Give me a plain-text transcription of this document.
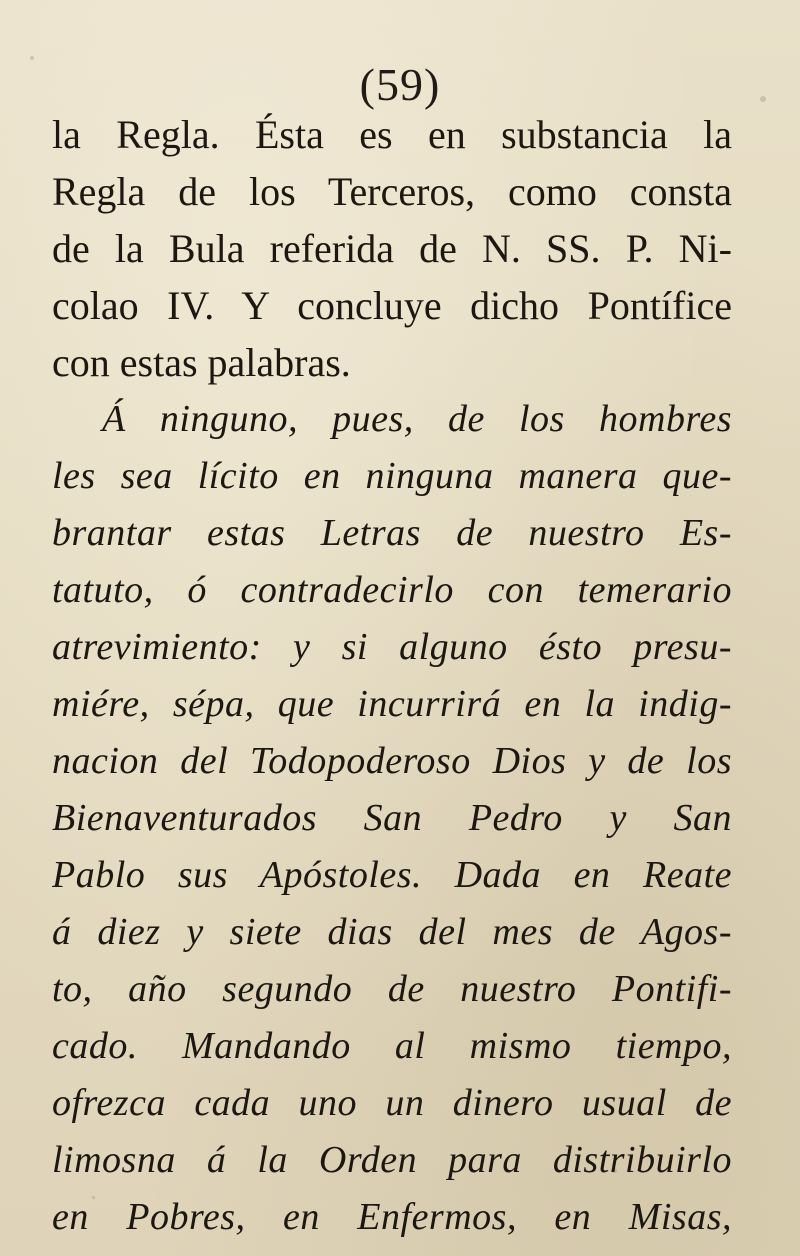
(59)
la Regla. Ésta es en substancia la
Regla de los Terceros, como consta
de la Bula referida de N. SS. P. Ni-
colao IV. Y concluye dicho Pontífice
con estas palabras.
Á ninguno, pues, de los hombres
les sea lícito en ninguna manera que-
brantar estas Letras de nuestro Es-
tatuto, ó contradecirlo con temerario
atrevimiento: y si alguno ésto presu-
miére, sépa, que incurrirá en la indig-
nacion del Todopoderoso Dios y de los
Bienaventurados San Pedro y San
Pablo sus Apóstoles. Dada en Reate
á diez y siete dias del mes de Agos-
to, año segundo de nuestro Pontifi-
cado. Mandando al mismo tiempo,
ofrezca cada uno un dinero usual de
limosna á la Orden para distribuirlo
en Pobres, en Enfermos, en Misas,
